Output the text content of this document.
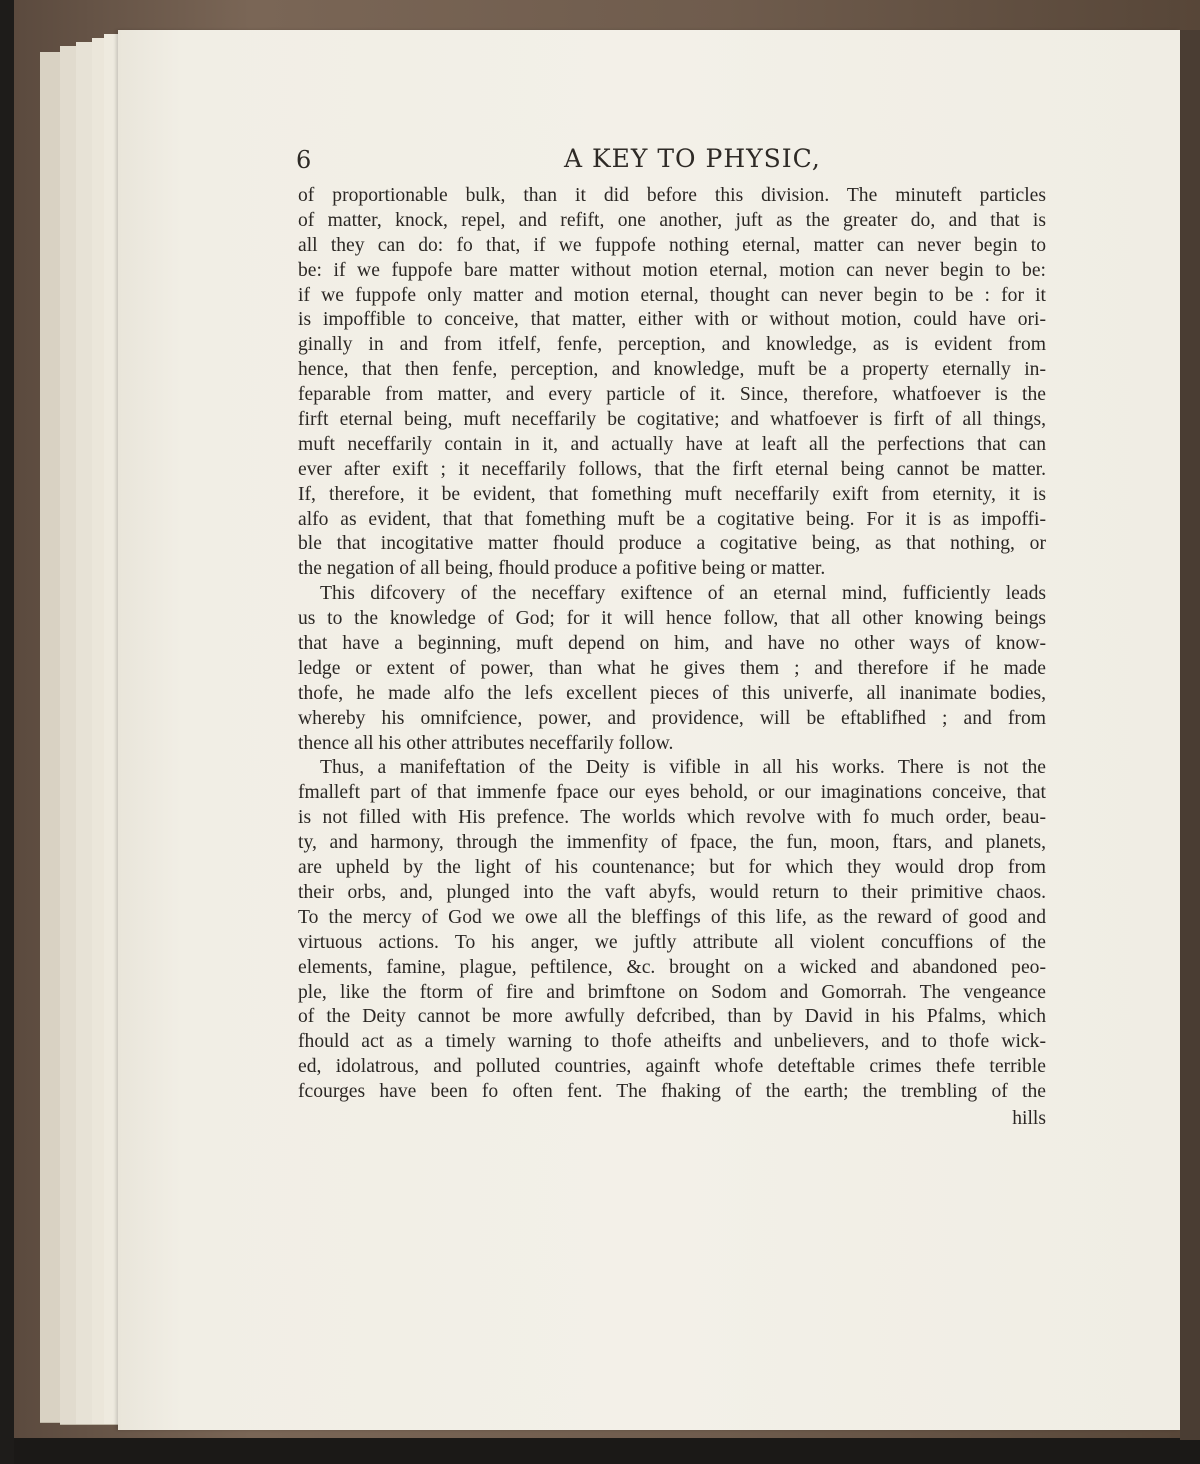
6	A KEY TO PHYSIC,
of proportionable bulk, than it did before this division. The minuteft particles
of matter, knock, repel, and refift, one another, juft as the greater do, and that is
all they can do: fo that, if we fuppofe nothing eternal, matter can never begin to
be: if we fuppofe bare matter without motion eternal, motion can never begin to be:
if we fuppofe only matter and motion eternal, thought can never begin to be : for it
is impoffible to conceive, that matter, either with or without motion, could have ori-
ginally in and from itfelf, fenfe, perception, and knowledge, as is evident from
hence, that then fenfe, perception, and knowledge, muft be a property eternally in-
feparable from matter, and every particle of it. Since, therefore, whatfoever is the
firft eternal being, muft neceffarily be cogitative; and whatfoever is firft of all things,
muft neceffarily contain in it, and actually have at leaft all the perfections that can
ever after exift ; it neceffarily follows, that the firft eternal being cannot be matter.
If, therefore, it be evident, that fomething muft neceffarily exift from eternity, it is
alfo as evident, that that fomething muft be a cogitative being. For it is as impoffi-
ble that incogitative matter fhould produce a cogitative being, as that nothing, or
the negation of all being, fhould produce a pofitive being or matter.
This difcovery of the neceffary exiftence of an eternal mind, fufficiently leads
us to the knowledge of God; for it will hence follow, that all other knowing beings
that have a beginning, muft depend on him, and have no other ways of know-
ledge or extent of power, than what he gives them ; and therefore if he made
thofe, he made alfo the lefs excellent pieces of this univerfe, all inanimate bodies,
whereby his omnifcience, power, and providence, will be eftablifhed ; and from
thence all his other attributes neceffarily follow.
Thus, a manifeftation of the Deity is vifible in all his works. There is not the
fmalleft part of that immenfe fpace our eyes behold, or our imaginations conceive, that
is not filled with His prefence. The worlds which revolve with fo much order, beau-
ty, and harmony, through the immenfity of fpace, the fun, moon, ftars, and planets,
are upheld by the light of his countenance; but for which they would drop from
their orbs, and, plunged into the vaft abyfs, would return to their primitive chaos.
To the mercy of God we owe all the bleffings of this life, as the reward of good and
virtuous actions. To his anger, we juftly attribute all violent concuffions of the
elements, famine, plague, peftilence, &c. brought on a wicked and abandoned peo-
ple, like the ftorm of fire and brimftone on Sodom and Gomorrah. The vengeance
of the Deity cannot be more awfully defcribed, than by David in his Pfalms, which
fhould act as a timely warning to thofe atheifts and unbelievers, and to thofe wick-
ed, idolatrous, and polluted countries, againft whofe deteftable crimes thefe terrible
fcourges have been fo often fent. The fhaking of the earth; the trembling of the
hills
